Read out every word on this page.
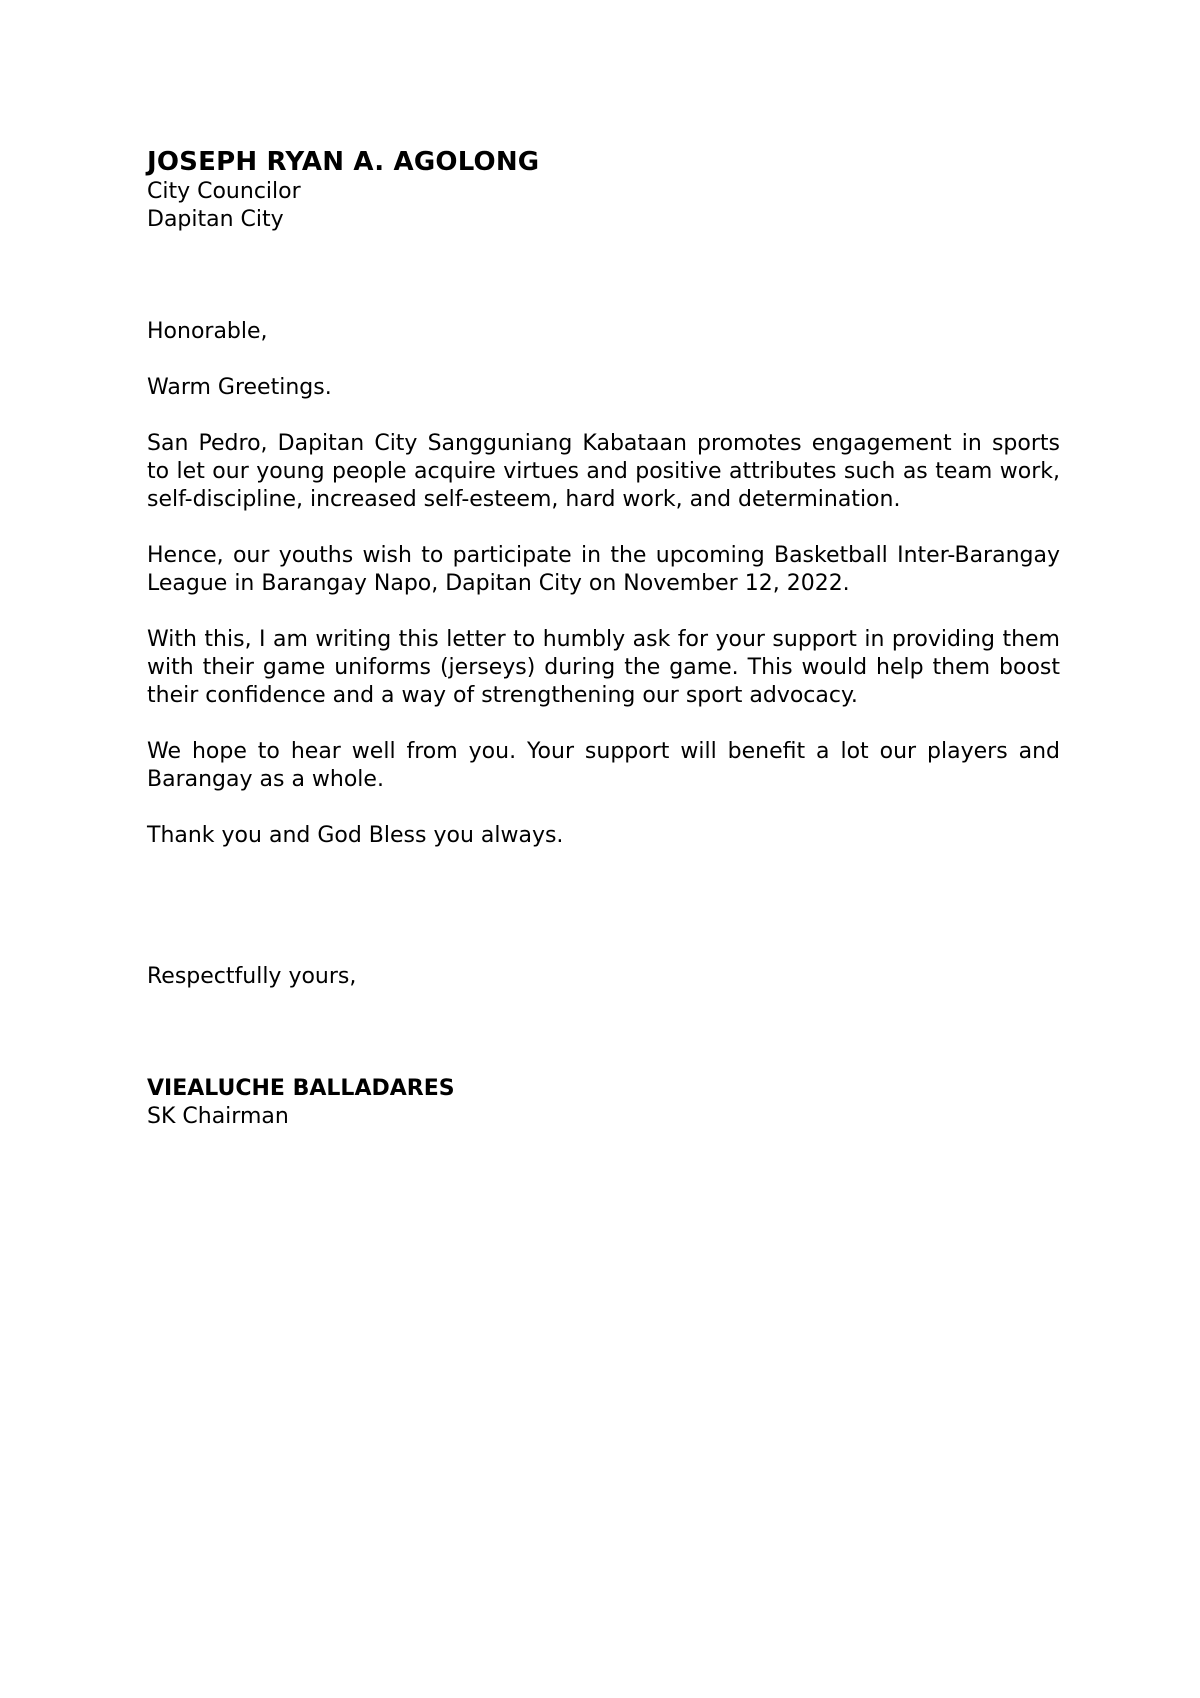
JOSEPH RYAN A. AGOLONG

City Councilor

Dapitan City

Honorable,

Warm Greetings.

San Pedro, Dapitan City Sangguniang Kabataan promotes engagement in sports to let our young people acquire virtues and positive attributes such as team work, self-discipline, increased self-esteem, hard work, and determination.

Hence, our youths wish to participate in the upcoming Basketball Inter-Barangay League in Barangay Napo, Dapitan City on November 12, 2022.

With this, I am writing this letter to humbly ask for your support in providing them with their game uniforms (jerseys) during the game. This would help them boost their confidence and a way of strengthening our sport advocacy.

We hope to hear well from you. Your support will benefit a lot our players and Barangay as a whole.

Thank you and God Bless you always.

Respectfully yours,

VIEALUCHE BALLADARES

SK Chairman
